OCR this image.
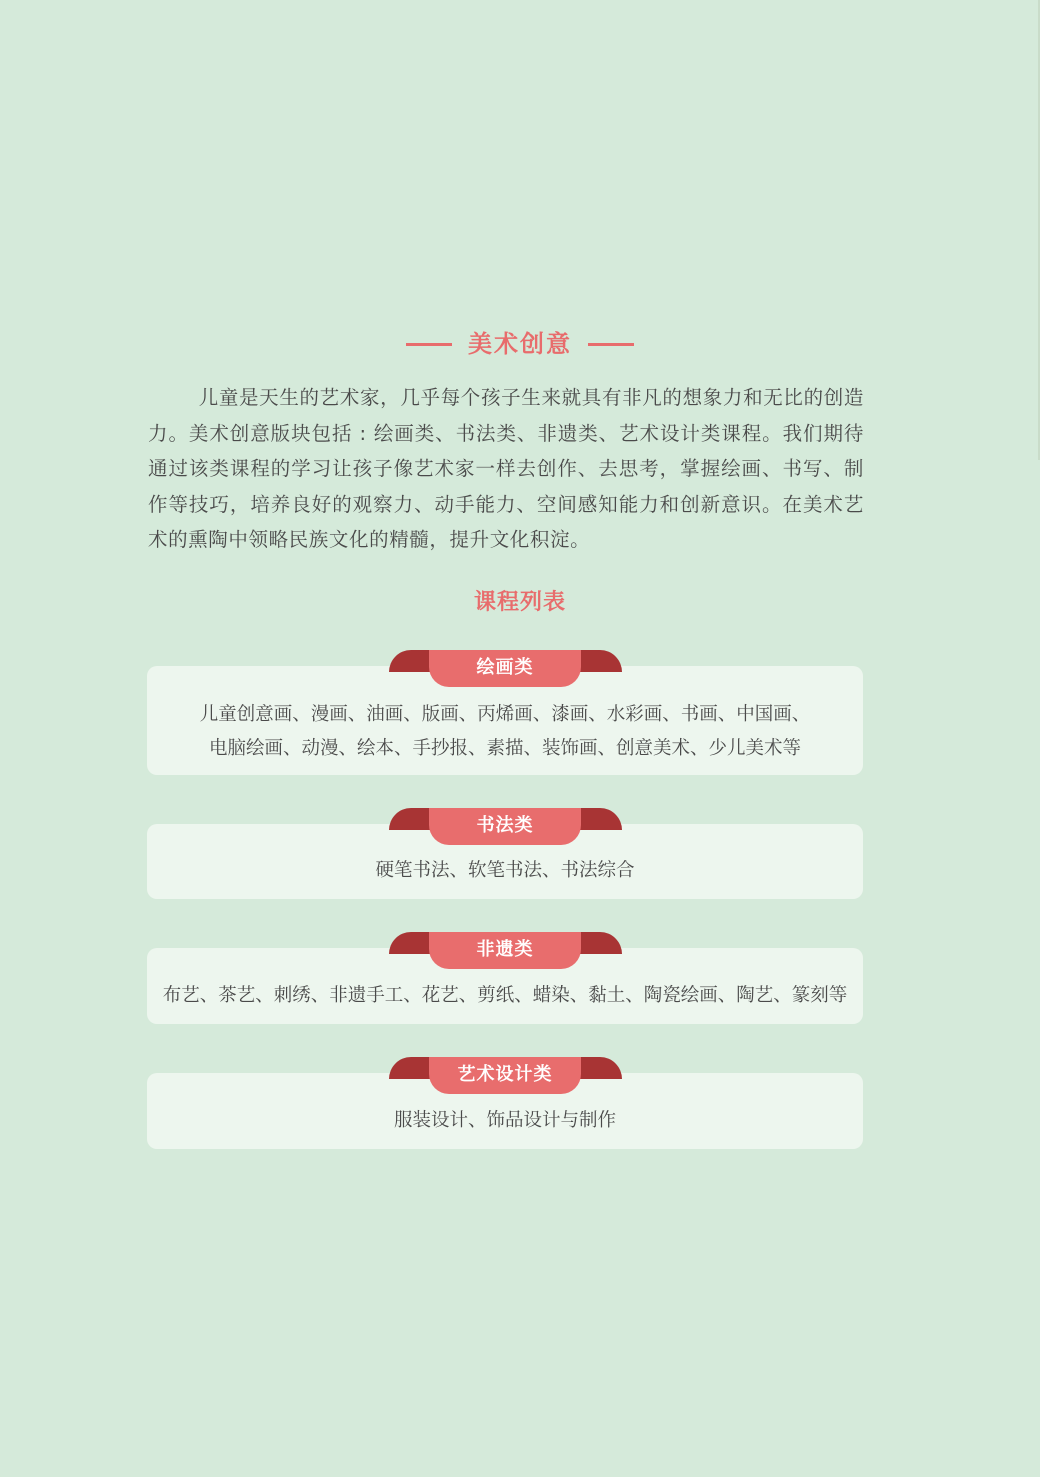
美术创意

儿童是天生的艺术家，几乎每个孩子生来就具有非凡的想象力和无比的创造力。美术创意版块包括 : 绘画类、书法类、非遗类、艺术设计类课程。我们期待通过该类课程的学习让孩子像艺术家一样去创作、去思考，掌握绘画、书写、制作等技巧，培养良好的观察力、动手能力、空间感知能力和创新意识。在美术艺术的熏陶中领略民族文化的精髓，提升文化积淀。

课程列表
儿童创意画、漫画、油画、版画、丙烯画、漆画、水彩画、书画、中国画、
电脑绘画、动漫、绘本、手抄报、素描、装饰画、创意美术、少儿美术等
绘画类
硬笔书法、软笔书法、书法综合
书法类
布艺、茶艺、刺绣、非遗手工、花艺、剪纸、蜡染、黏土、陶瓷绘画、陶艺、篆刻等
非遗类
服装设计、饰品设计与制作
艺术设计类
